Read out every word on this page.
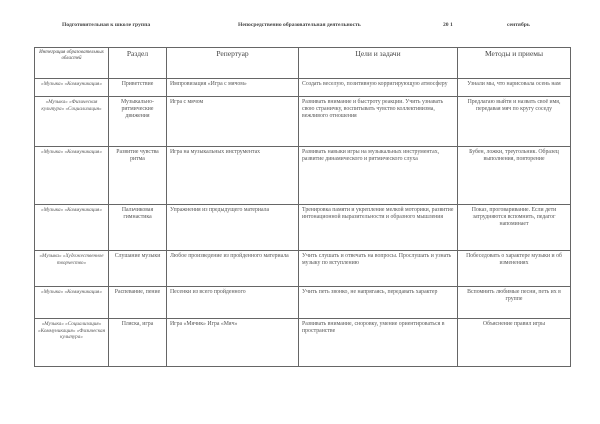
Подготовительная к школе группа	Непосредственно образовательная деятельность	20 1	сентябрь
Интеграция образовательных областей	Раздел	Репертуар	Цели и задачи	Методы и приемы
«Музыка» «Коммуникация»	Приветствие	Импровизация «Игра с мячом»	Создать веселую, позитивную корригирующую атмосферу	Узнали мы, что нарисовала осень нам
«Музыка» «Физическая культура» «Социализация»	Музыкально-ритмические движения	Игра с мячом	Развивать внимание и быстроту реакции. Учить узнавать свою страничку, воспитывать чувство коллективизма, вежливого отношения	Предлагаю выйти и назвать своё имя, передавая мяч по кругу соседу
«Музыка» «Коммуникация»	Развитие чувства ритма	Игра на музыкальных инструментах	Развивать навыки игры на музыкальных инструментах, развитие динамического и ритмического слуха	Бубен, ложки, треугольник. Образец выполнения, повторение
«Музыка» «Коммуникация»	Пальчиковая гимнастика	Упражнения из предыдущего материала	Тренировка памяти и укрепление мелкой моторики, развитие интонационной выразительности и образного мышления	Показ, проговаривание. Если дети затрудняются вспомнить, педагог напоминает
«Музыка» «Художественное творчество»	Слушание музыки	Любое произведение из пройденного материала	Учить слушать и отвечать на вопросы. Прослушать и узнать музыку по вступлению	Побеседовать о характере музыки и об изменениях
«Музыка» «Коммуникация»	Распевание, пение	Песенки из всего пройденного	Учить петь звонко, не напрягаясь, передавать характер	Вспомнить любимые песни, петь их в группе
«Музыка» «Социализация» «Коммуникация» «Физическая культура»	Пляска, игра	Игра «Мячик» Игра «Мяч»	Развивать внимание, сноровку, умение ориентироваться в пространстве	Объяснение правил игры
